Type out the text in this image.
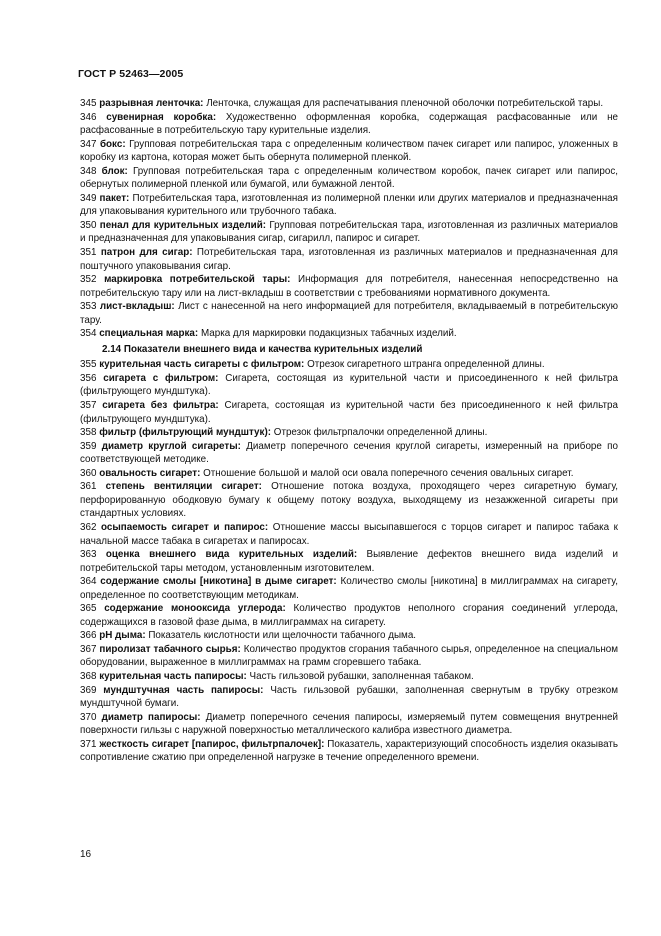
ГОСТ Р 52463—2005

345 разрывная ленточка: Ленточка, служащая для распечатывания пленочной оболочки потребительской тары.

346 сувенирная коробка: Художественно оформленная коробка, содержащая расфасованные или не расфасованные в потребительскую тару курительные изделия.

347 бокс: Групповая потребительская тара с определенным количеством пачек сигарет или папирос, уложенных в коробку из картона, которая может быть обернута полимерной пленкой.

348 блок: Групповая потребительская тара с определенным количеством коробок, пачек сигарет или папирос, обернутых полимерной пленкой или бумагой, или бумажной лентой.

349 пакет: Потребительская тара, изготовленная из полимерной пленки или других материалов и предназначенная для упаковывания курительного или трубочного табака.

350 пенал для курительных изделий: Групповая потребительская тара, изготовленная из различных материалов и предназначенная для упаковывания сигар, сигарилл, папирос и сигарет.

351 патрон для сигар: Потребительская тара, изготовленная из различных материалов и предназначенная для поштучного упаковывания сигар.

352 маркировка потребительской тары: Информация для потребителя, нанесенная непосредственно на потребительскую тару или на лист-вкладыш в соответствии с требованиями нормативного документа.

353 лист-вкладыш: Лист с нанесенной на него информацией для потребителя, вкладываемый в потребительскую тару.

354 специальная марка: Марка для маркировки подакцизных табачных изделий.

2.14 Показатели внешнего вида и качества курительных изделий

355 курительная часть сигареты с фильтром: Отрезок сигаретного штранга определенной длины.

356 сигарета с фильтром: Сигарета, состоящая из курительной части и присоединенного к ней фильтра (фильтрующего мундштука).

357 сигарета без фильтра: Сигарета, состоящая из курительной части без присоединенного к ней фильтра (фильтрующего мундштука).

358 фильтр (фильтрующий мундштук): Отрезок фильтрпалочки определенной длины.

359 диаметр круглой сигареты: Диаметр поперечного сечения круглой сигареты, измеренный на приборе по соответствующей методике.

360 овальность сигарет: Отношение большой и малой оси овала поперечного сечения овальных сигарет.

361 степень вентиляции сигарет: Отношение потока воздуха, проходящего через сигаретную бумагу, перфорированную ободковую бумагу к общему потоку воздуха, выходящему из незажженной сигареты при стандартных условиях.

362 осыпаемость сигарет и папирос: Отношение массы высыпавшегося с торцов сигарет и папирос табака к начальной массе табака в сигаретах и папиросах.

363 оценка внешнего вида курительных изделий: Выявление дефектов внешнего вида изделий и потребительской тары методом, установленным изготовителем.

364 содержание смолы [никотина] в дыме сигарет: Количество смолы [никотина] в миллиграммах на сигарету, определенное по соответствующим методикам.

365 содержание монооксида углерода: Количество продуктов неполного сгорания соединений углерода, содержащихся в газовой фазе дыма, в миллиграммах на сигарету.

366 pH дыма: Показатель кислотности или щелочности табачного дыма.

367 пиролизат табачного сырья: Количество продуктов сгорания табачного сырья, определенное на специальном оборудовании, выраженное в миллиграммах на грамм сгоревшего табака.

368 курительная часть папиросы: Часть гильзовой рубашки, заполненная табаком.

369 мундштучная часть папиросы: Часть гильзовой рубашки, заполненная свернутым в трубку отрезком мундштучной бумаги.

370 диаметр папиросы: Диаметр поперечного сечения папиросы, измеряемый путем совмещения внутренней поверхности гильзы с наружной поверхностью металлического калибра известного диаметра.

371 жесткость сигарет [папирос, фильтрпалочек]: Показатель, характеризующий способность изделия оказывать сопротивление сжатию при определенной нагрузке в течение определенного времени.

16
